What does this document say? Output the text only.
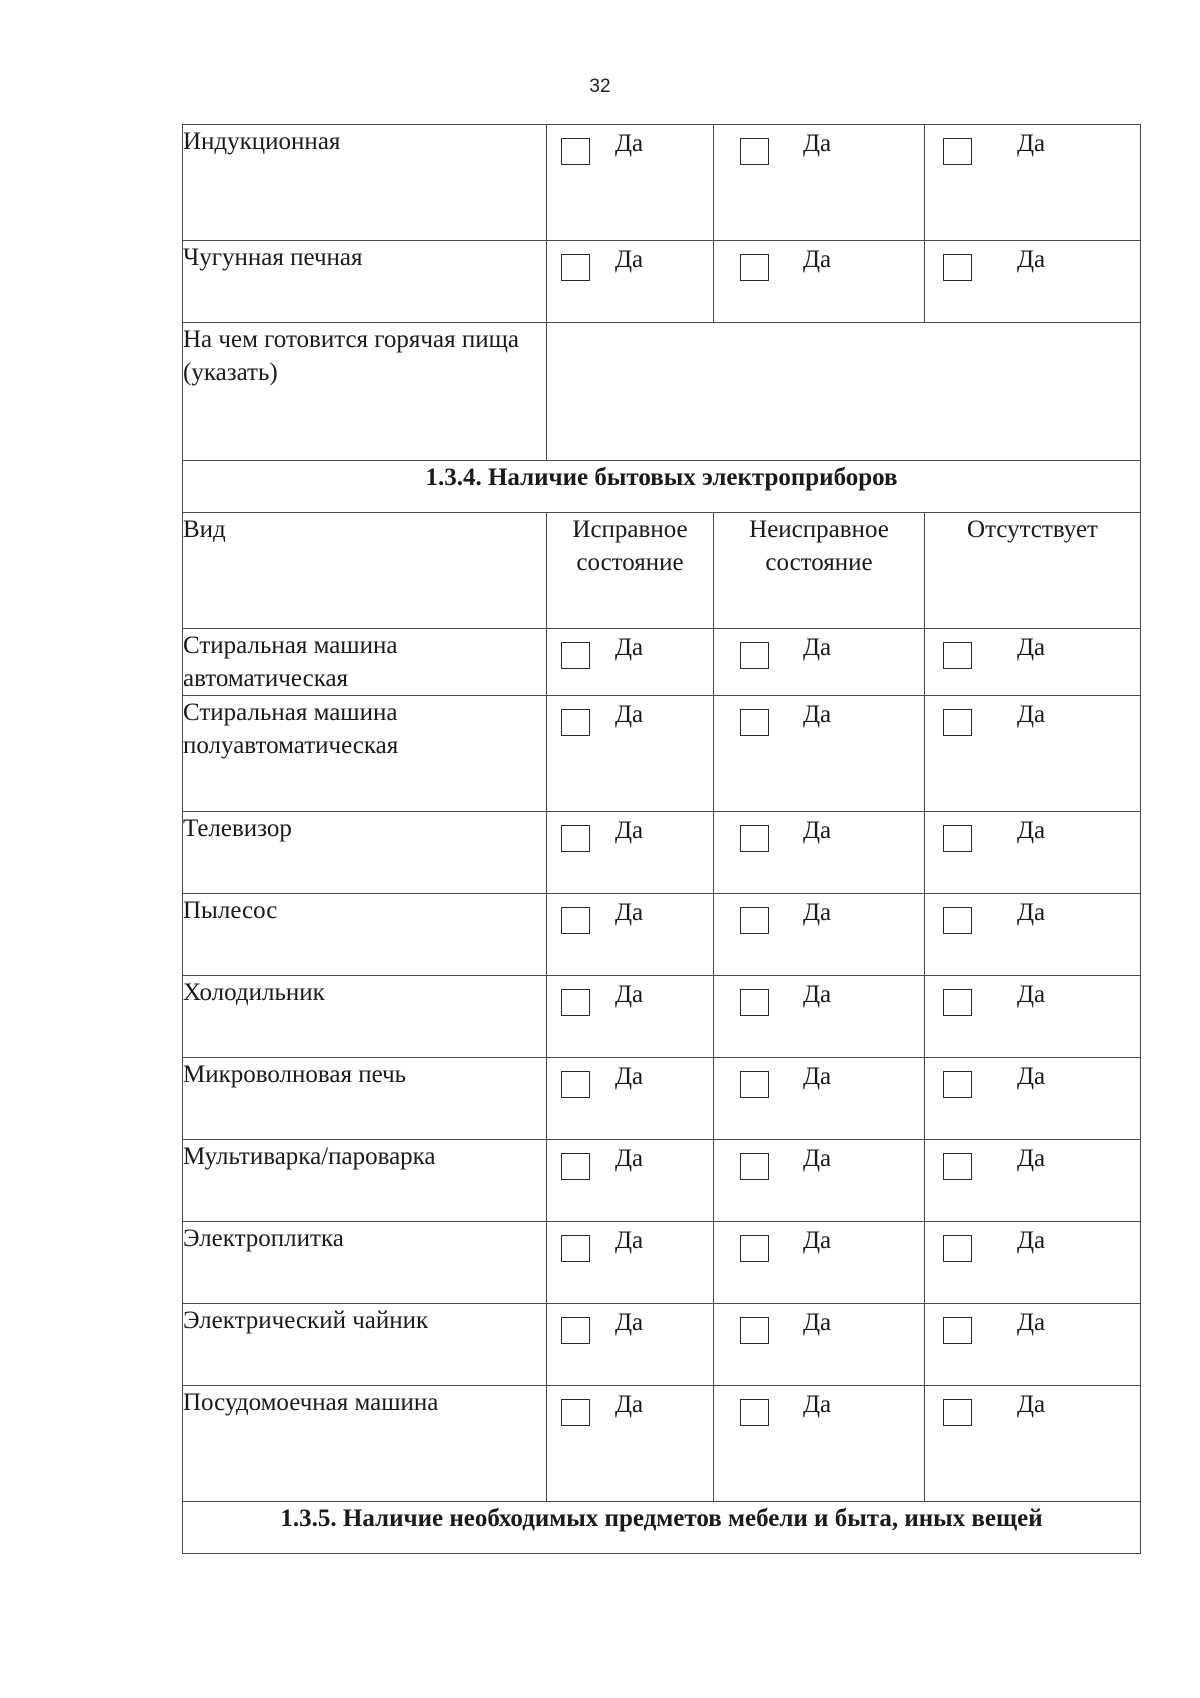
32
Индукционная	Да	Да	Да

Чугунная печная	Да	Да	Да

На чем готовится горячая пища (указать)			
1.3.4. Наличие бытовых электроприборов			
Вид	Исправное состояние	Неисправное состояние	Отсутствует
Стиральная машина автоматическая	Да	Да	Да

Стиральная машина полуавтоматическая	Да	Да	Да

Телевизор	Да	Да	Да

Пылесос	Да	Да	Да

Холодильник	Да	Да	Да

Микроволновая печь	Да	Да	Да

Мультиварка/пароварка	Да	Да	Да

Электроплитка	Да	Да	Да

Электрический чайник	Да	Да	Да

Посудомоечная машина	Да	Да	Да

1.3.5. Наличие необходимых предметов мебели и быта, иных вещей			
